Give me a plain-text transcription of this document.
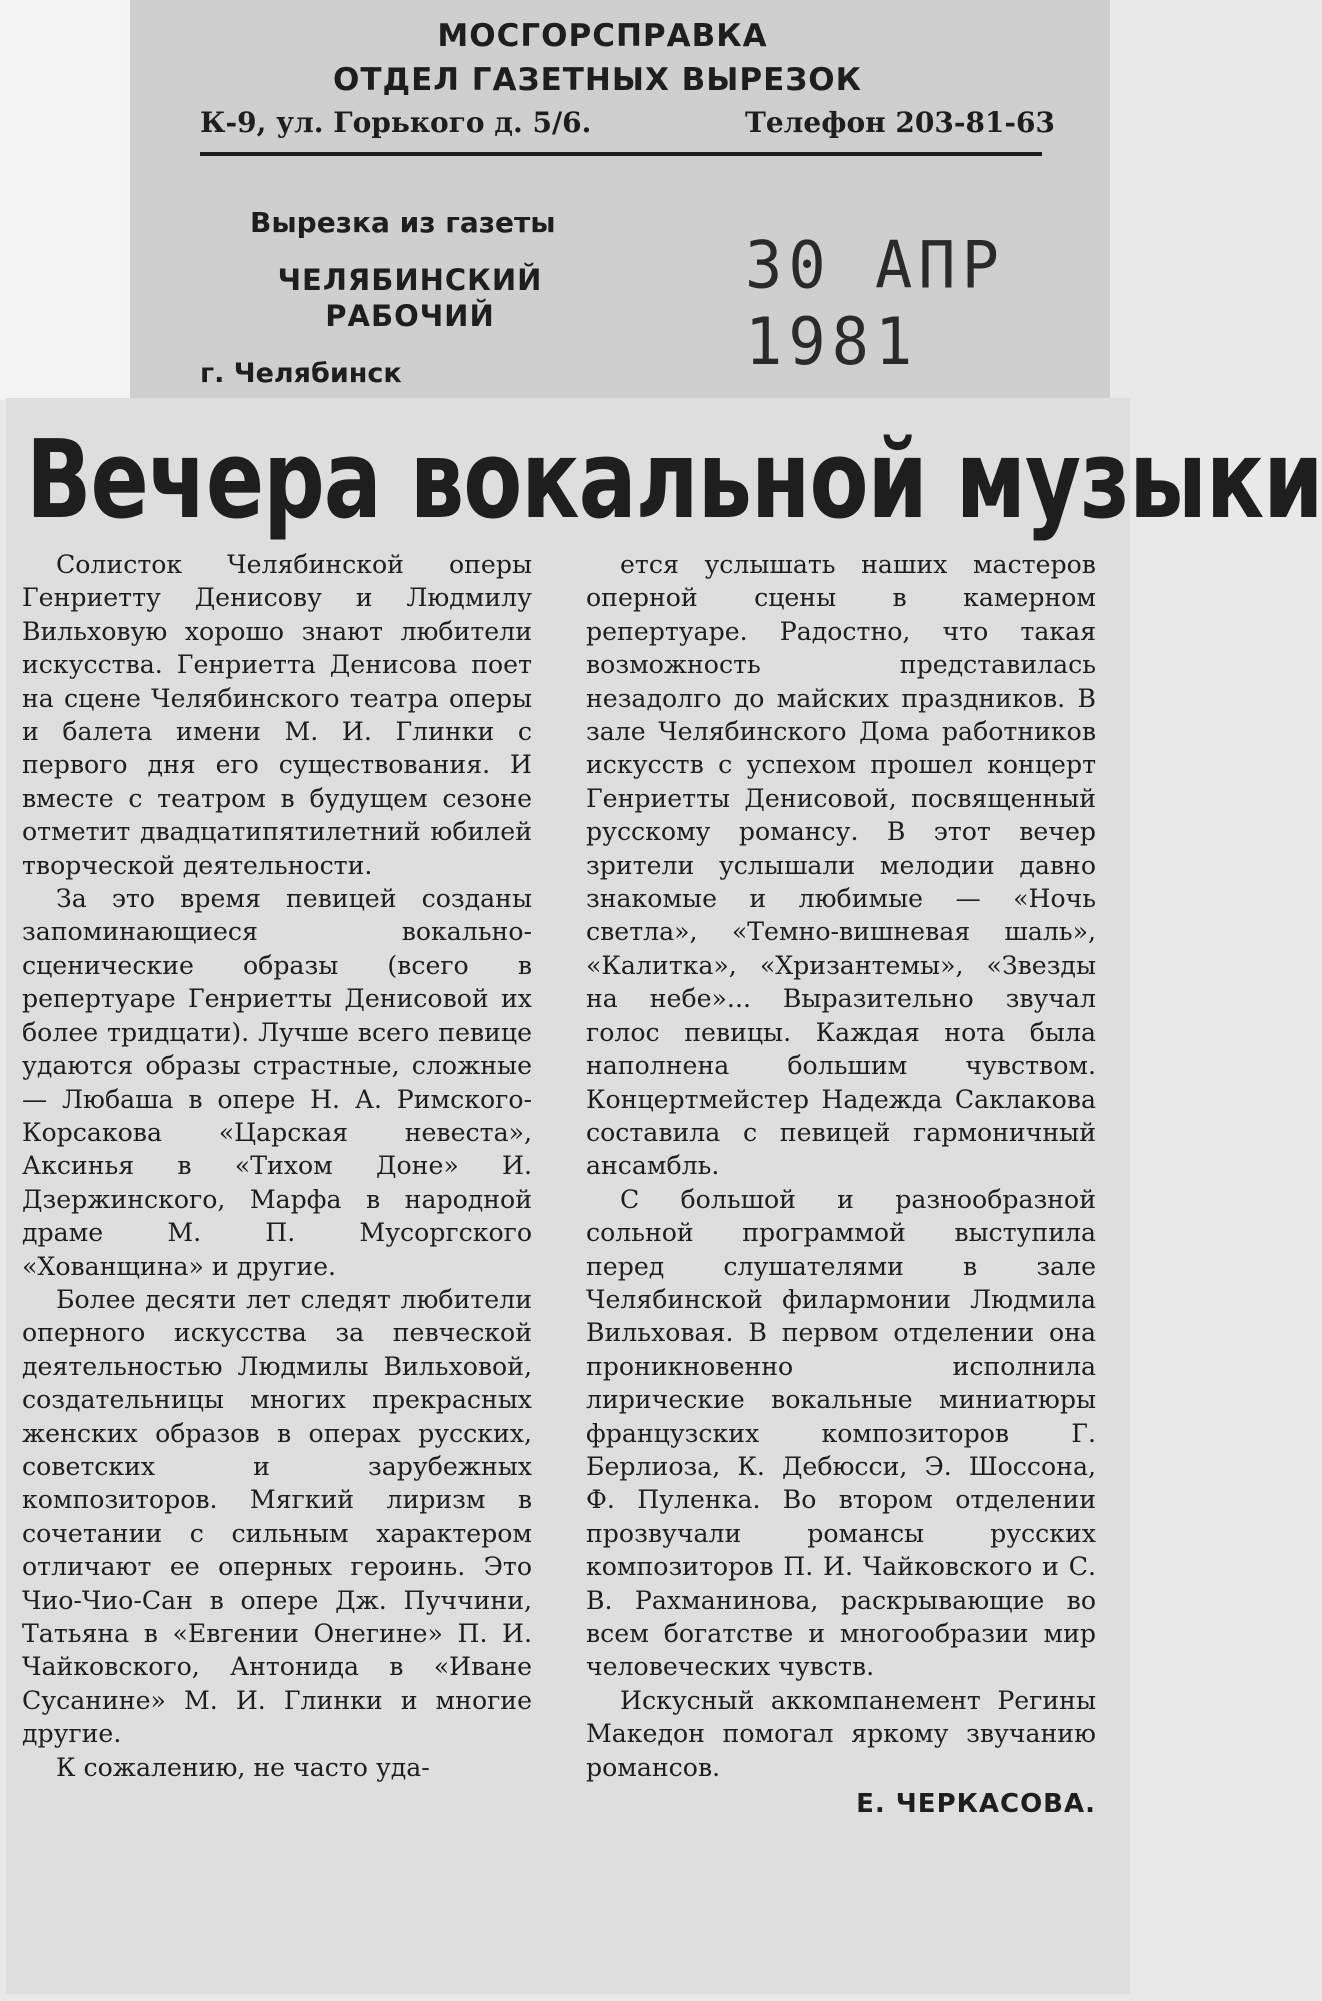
МОСГОРСПРАВКА
ОТДЕЛ ГАЗЕТНЫХ ВЫРЕЗОК
К-9, ул. Горького д. 5/6.	Телефон 203-81-63
Вырезка из газеты
ЧЕЛЯБИНСКИЙ РАБОЧИЙ
г. Челябинск
30 АПР 1981
Вечера вокальной музыки

Солисток Челябинской оперы Генриетту Денисову и Людмилу Вильховую хорошо знают любители искусства. Генриетта Денисова поет на сцене Челябинского театра оперы и балета имени М. И. Глинки с первого дня его существования. И вместе с театром в будущем сезоне отметит двадцатипятилетний юбилей творческой деятельности.

За это время певицей созданы запоминающиеся вокально-сценические образы (всего в репертуаре Генриетты Денисовой их более тридцати). Лучше всего певице удаются образы страстные, сложные — Любаша в опере Н. А. Римского-Корсакова «Царская невеста», Аксинья в «Тихом Доне» И. Дзержинского, Марфа в народной драме М. П. Мусоргского «Хованщина» и другие.

Более десяти лет следят любители оперного искусства за певческой деятельностью Людмилы Вильховой, создательницы многих прекрасных женских образов в операх русских, советских и зарубежных композиторов. Мягкий лиризм в сочетании с сильным характером отличают ее оперных героинь. Это Чио-Чио-Сан в опере Дж. Пуччини, Татьяна в «Евгении Онегине» П. И. Чайковского, Антонида в «Иване Сусанине» М. И. Глинки и многие другие.

К сожалению, не часто уда-

ется услышать наших мастеров оперной сцены в камерном репертуаре. Радостно, что такая возможность представилась незадолго до майских праздников. В зале Челябинского Дома работников искусств с успехом прошел концерт Генриетты Денисовой, посвященный русскому романсу. В этот вечер зрители услышали мелодии давно знакомые и любимые — «Ночь светла», «Темно-вишневая шаль», «Калитка», «Хризантемы», «Звезды на небе»... Выразительно звучал голос певицы. Каждая нота была наполнена большим чувством. Концертмейстер Надежда Саклакова составила с певицей гармоничный ансамбль.

С большой и разнообразной сольной программой выступила перед слушателями в зале Челябинской филармонии Людмила Вильховая. В первом отделении она проникновенно исполнила лирические вокальные миниатюры французских композиторов Г. Берлиоза, К. Дебюсси, Э. Шоссона, Ф. Пуленка. Во втором отделении прозвучали романсы русских композиторов П. И. Чайковского и С. В. Рахманинова, раскрывающие во всем богатстве и многообразии мир человеческих чувств.

Искусный аккомпанемент Регины Македон помогал яркому звучанию романсов.

Е. ЧЕРКАСОВА.
